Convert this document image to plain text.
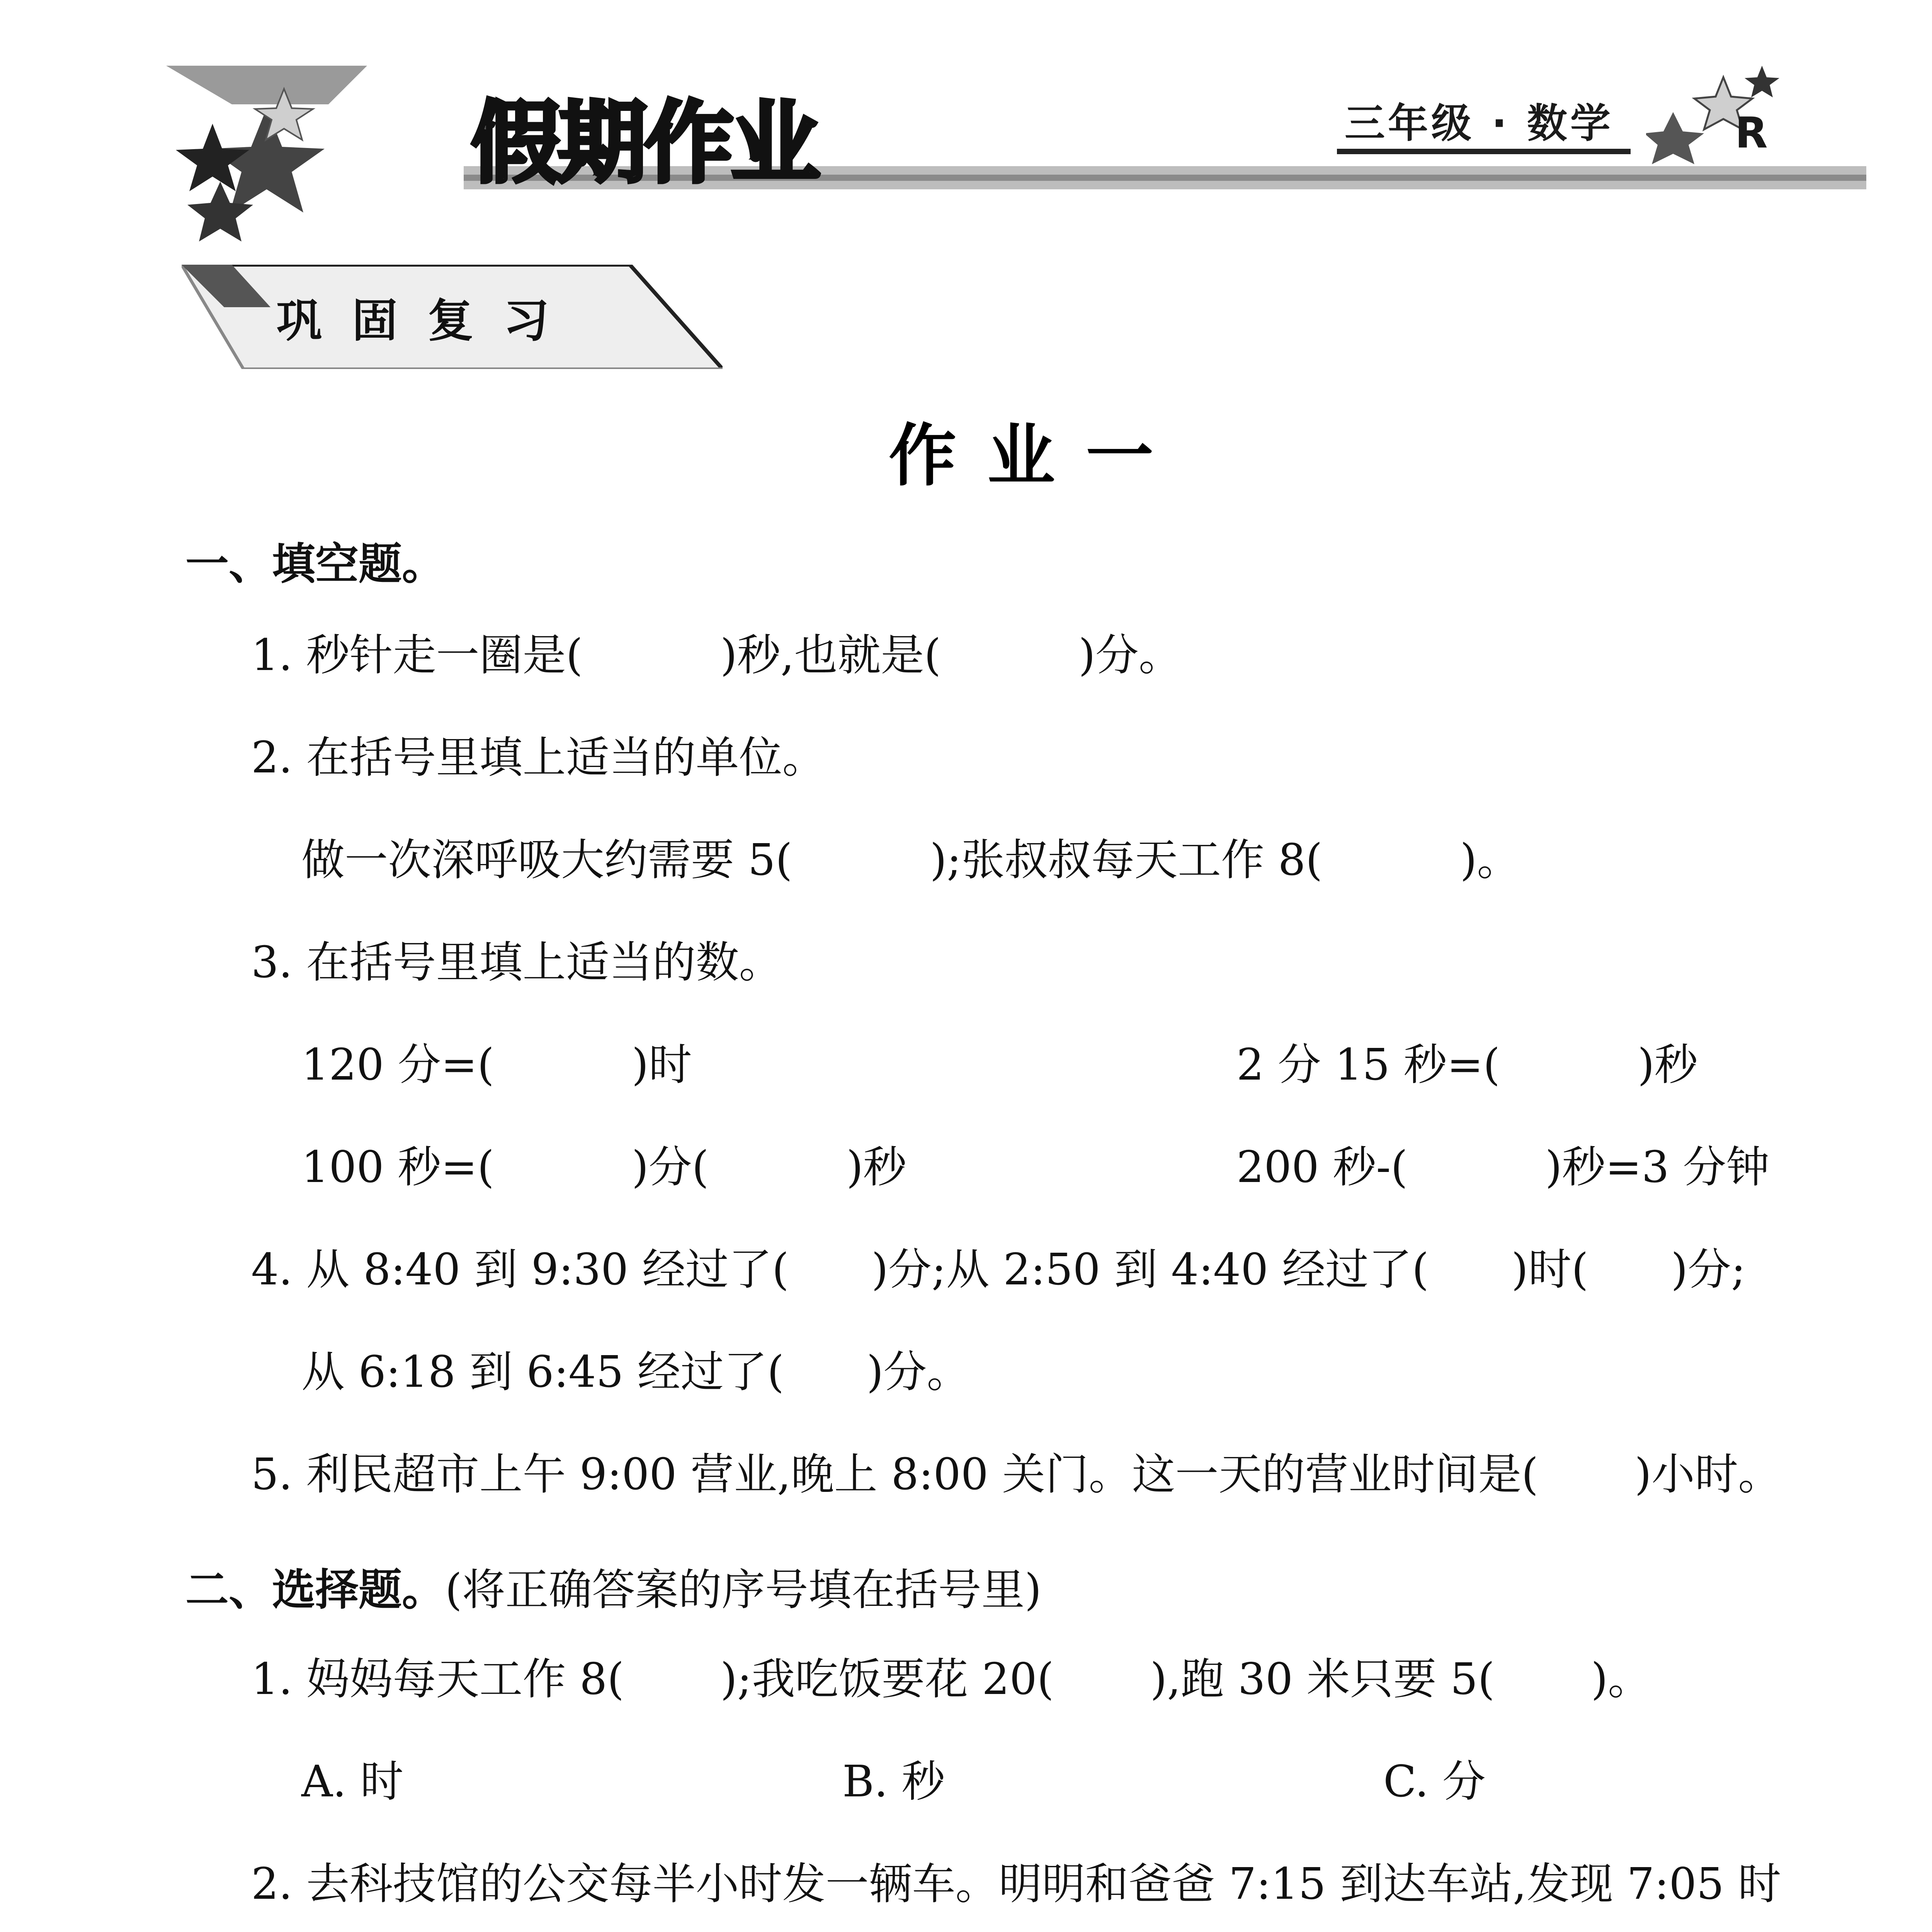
假期作业	三年级 · 数学	R
巩固复习
作业一
一、填空题。
1. 秒针走一圈是(          )秒,也就是(          )分。
2. 在括号里填上适当的单位。
做一次深呼吸大约需要 5(          );张叔叔每天工作 8(          )。
3. 在括号里填上适当的数。
120 分=(          )时	2 分 15 秒=(          )秒
100 秒=(          )分(          )秒	200 秒-(          )秒=3 分钟
4. 从 8:40 到 9:30 经过了(      )分;从 2:50 到 4:40 经过了(      )时(      )分;
从 6:18 到 6:45 经过了(      )分。
5. 利民超市上午 9:00 营业,晚上 8:00 关门。这一天的营业时间是(       )小时。
二、选择题。(将正确答案的序号填在括号里)
1. 妈妈每天工作 8(       );我吃饭要花 20(       ),跑 30 米只要 5(       )。
A. 时	B. 秒	C. 分
2. 去科技馆的公交每半小时发一辆车。明明和爸爸 7:15 到达车站,发现 7:05 时
